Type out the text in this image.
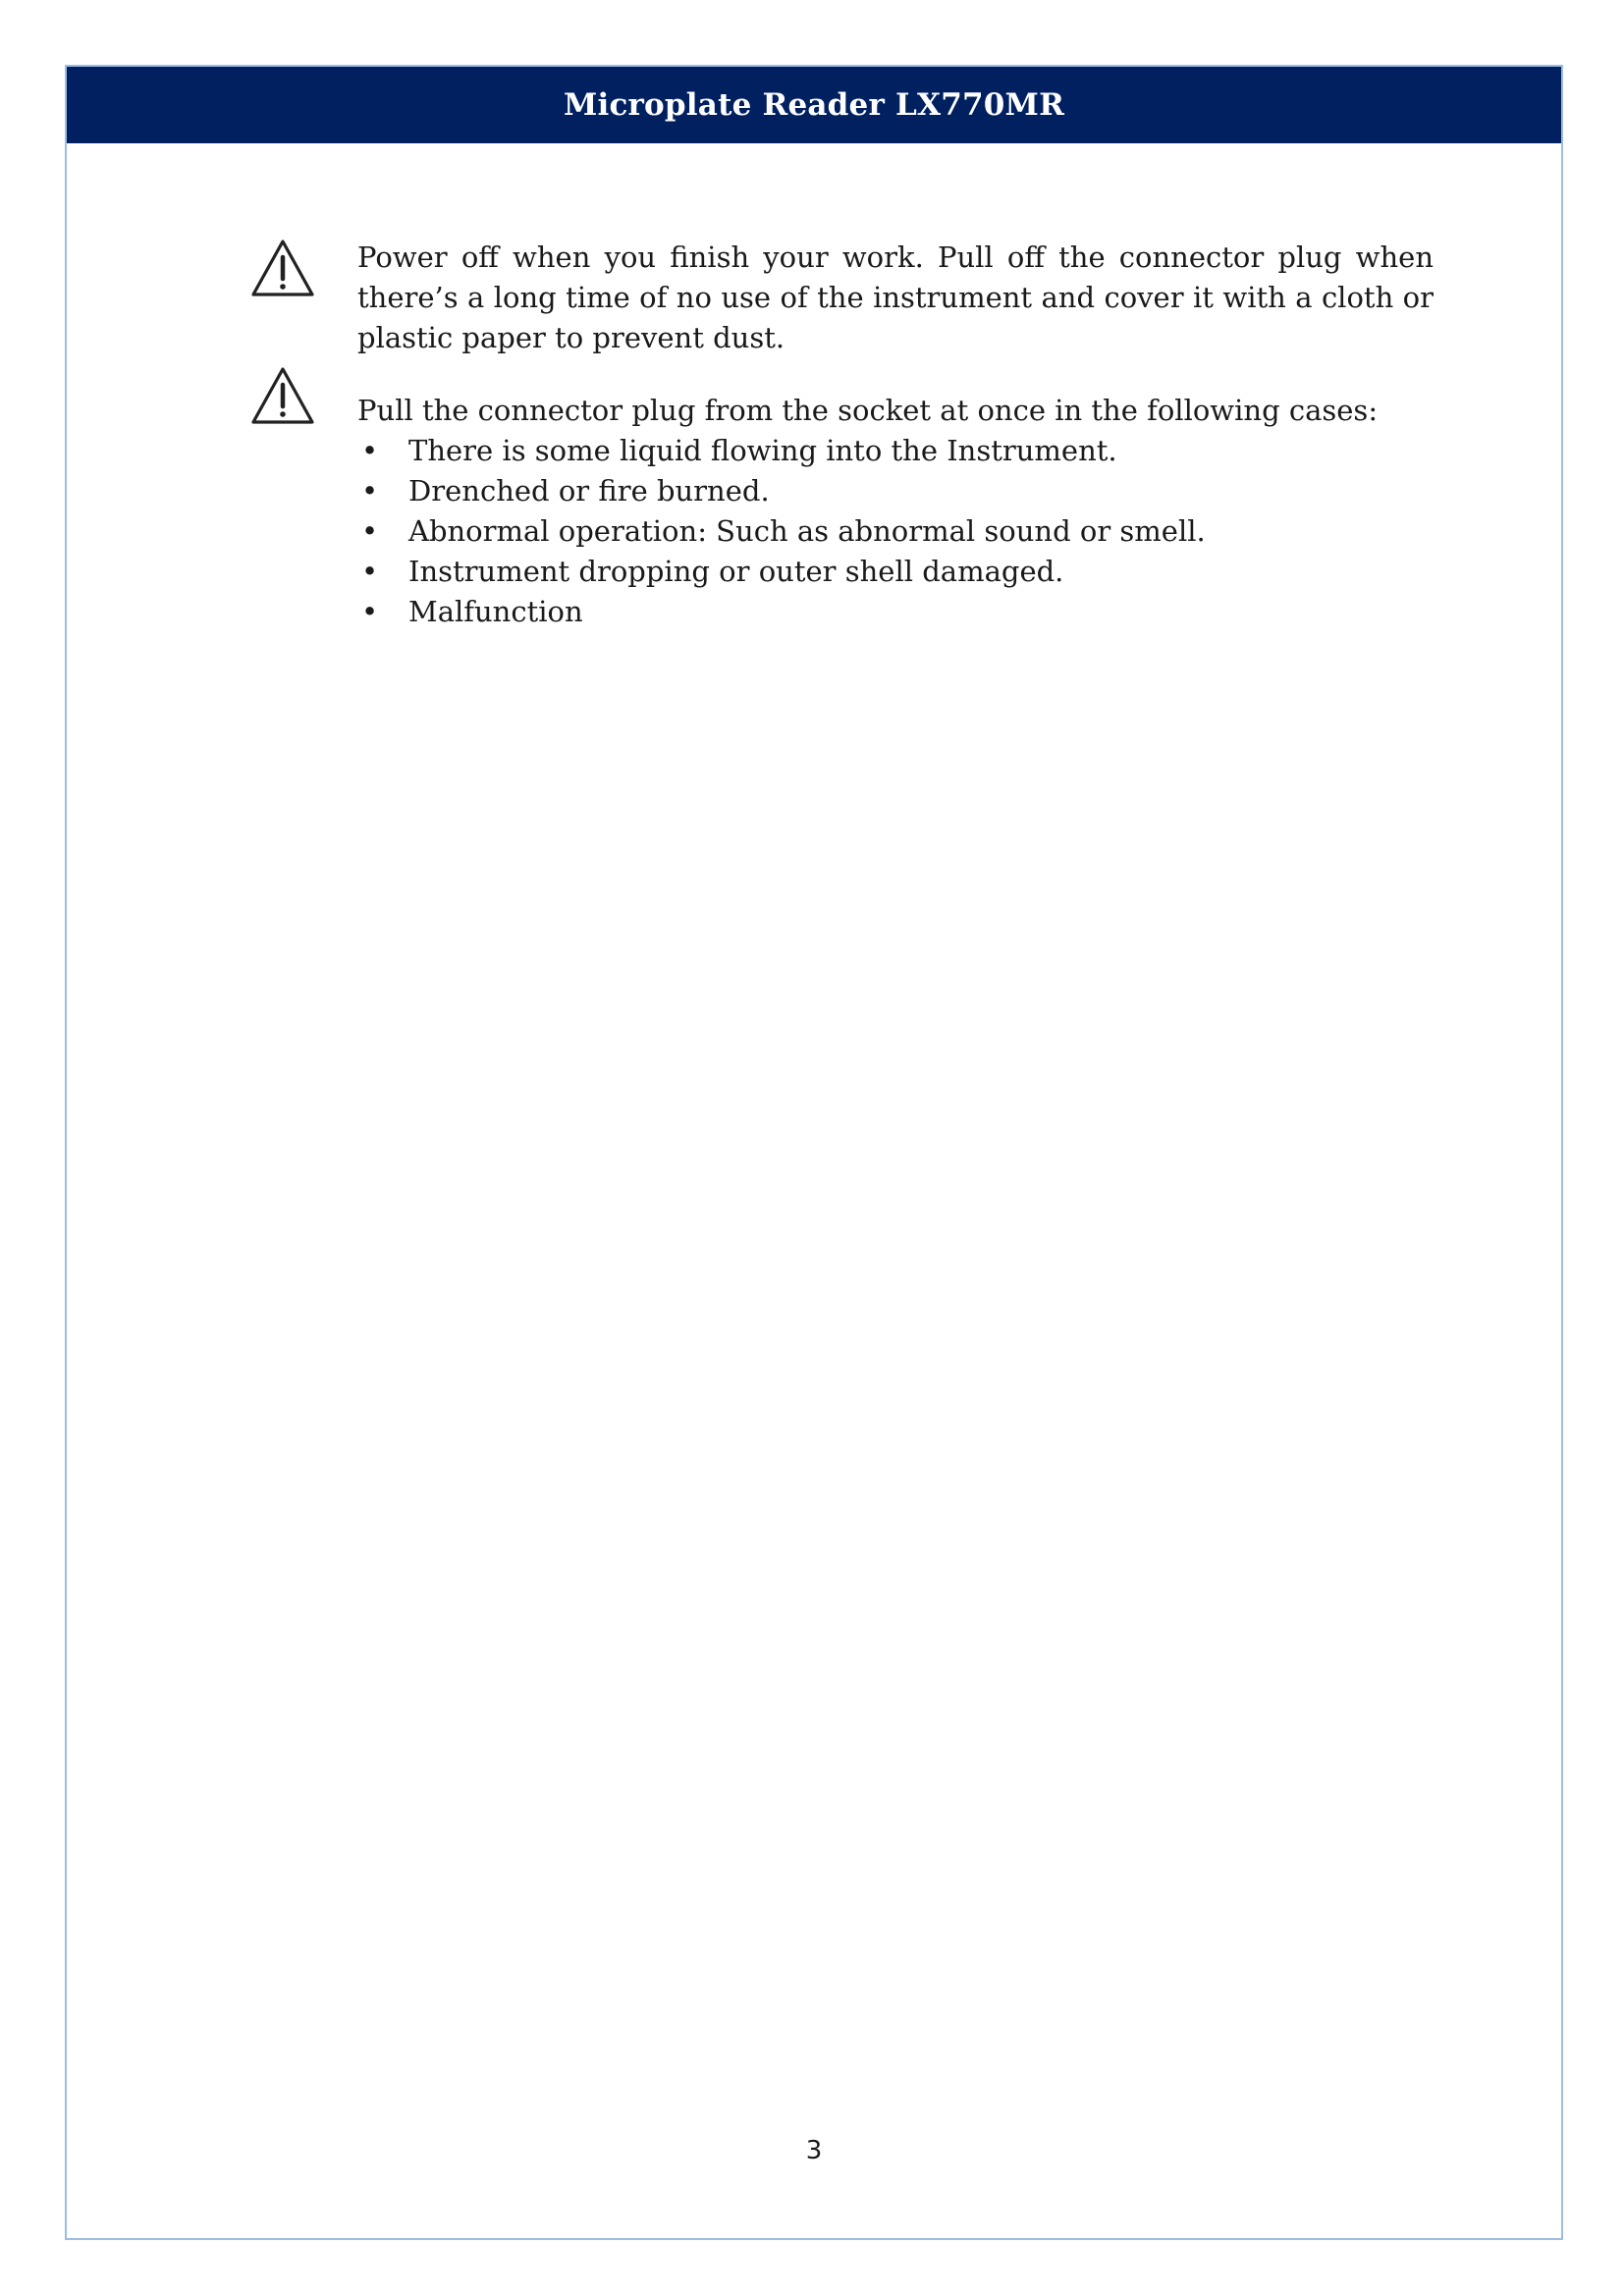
Microplate Reader LX770MR

Power off when you finish your work. Pull off the connector plug when there’s a long time of no use of the instrument and cover it with a cloth or plastic paper to prevent dust.

Pull the connector plug from the socket at once in the following cases:

• There is some liquid flowing into the Instrument.
• Drenched or fire burned.
• Abnormal operation: Such as abnormal sound or smell.
• Instrument dropping or outer shell damaged.
• Malfunction
3
